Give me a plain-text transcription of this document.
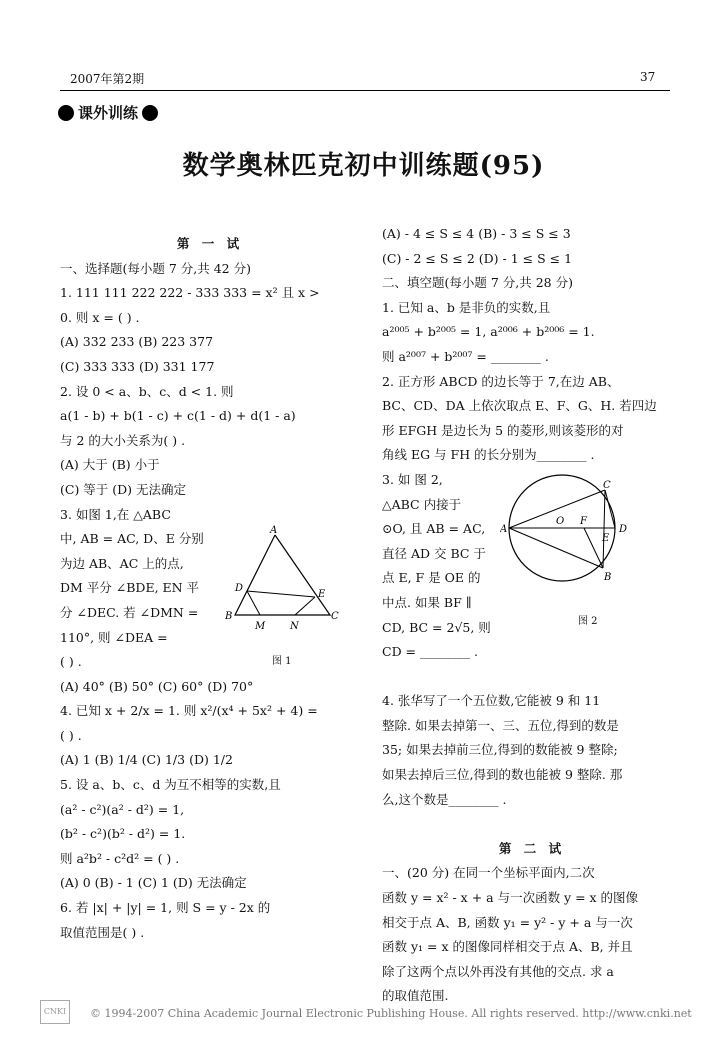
2007年第2期	37
课外训练
数学奥林匹克初中训练题(95)
第 一 试
一、选择题(每小题 7 分,共 42 分)
1. 111 111 222 222 - 333 333 = x² 且 x >
0. 则 x = ( ) .
(A) 332 233 (B) 223 377
(C) 333 333 (D) 331 177
2. 设 0 < a、b、c、d < 1. 则
a(1 - b) + b(1 - c) + c(1 - d) + d(1 - a)
与 2 的大小关系为( ) .
(A) 大于 (B) 小于
(C) 等于 (D) 无法确定
3. 如图 1,在 △ABC
中, AB = AC, D、E 分别
为边 AB、AC 上的点,
DM 平分 ∠BDE, EN 平
分 ∠DEC. 若 ∠DMN =
110°, 则 ∠DEA =
( ) .
(A) 40° (B) 50° (C) 60° (D) 70°
4. 已知 x + 2/x = 1. 则 x²/(x⁴ + 5x² + 4) =
( ) .
(A) 1 (B) 1/4 (C) 1/3 (D) 1/2
5. 设 a、b、c、d 为互不相等的实数,且
(a² - c²)(a² - d²) = 1,
(b² - c²)(b² - d²) = 1.
则 a²b² - c²d² = ( ) .
(A) 0 (B) - 1 (C) 1 (D) 无法确定
6. 若 |x| + |y| = 1, 则 S = y - 2x 的
取值范围是( ) .
(A) - 4 ≤ S ≤ 4 (B) - 3 ≤ S ≤ 3
(C) - 2 ≤ S ≤ 2 (D) - 1 ≤ S ≤ 1
二、填空题(每小题 7 分,共 28 分)
1. 已知 a、b 是非负的实数,且
a²⁰⁰⁵ + b²⁰⁰⁵ = 1, a²⁰⁰⁶ + b²⁰⁰⁶ = 1.
则 a²⁰⁰⁷ + b²⁰⁰⁷ = ________ .
2. 正方形 ABCD 的边长等于 7,在边 AB、
BC、CD、DA 上依次取点 E、F、G、H. 若四边
形 EFGH 是边长为 5 的菱形,则该菱形的对
角线 EG 与 FH 的长分别为________ .
3. 如 图 2,
△ABC 内接于
⊙O, 且 AB = AC,
直径 AD 交 BC 于
点 E, F 是 OE 的
中点. 如果 BF ∥
CD, BC = 2√5, 则
CD = ________ .
4. 张华写了一个五位数,它能被 9 和 11
整除. 如果去掉第一、三、五位,得到的数是
35; 如果去掉前三位,得到的数能被 9 整除;
如果去掉后三位,得到的数也能被 9 整除. 那
么,这个数是________ .
第 二 试
一、(20 分) 在同一个坐标平面内,二次
函数 y = x² - x + a 与一次函数 y = x 的图像
相交于点 A、B, 函数 y₁ = y² - y + a 与一次
函数 y₁ = x 的图像同样相交于点 A、B, 并且
除了这两个点以外再没有其他的交点. 求 a
的取值范围.
A
B	C
D
E
M N
图 1
A
B
C
D
E
F
O
图 2
CNKI	© 1994-2007 China Academic Journal Electronic Publishing House. All rights reserved. http://www.cnki.net
